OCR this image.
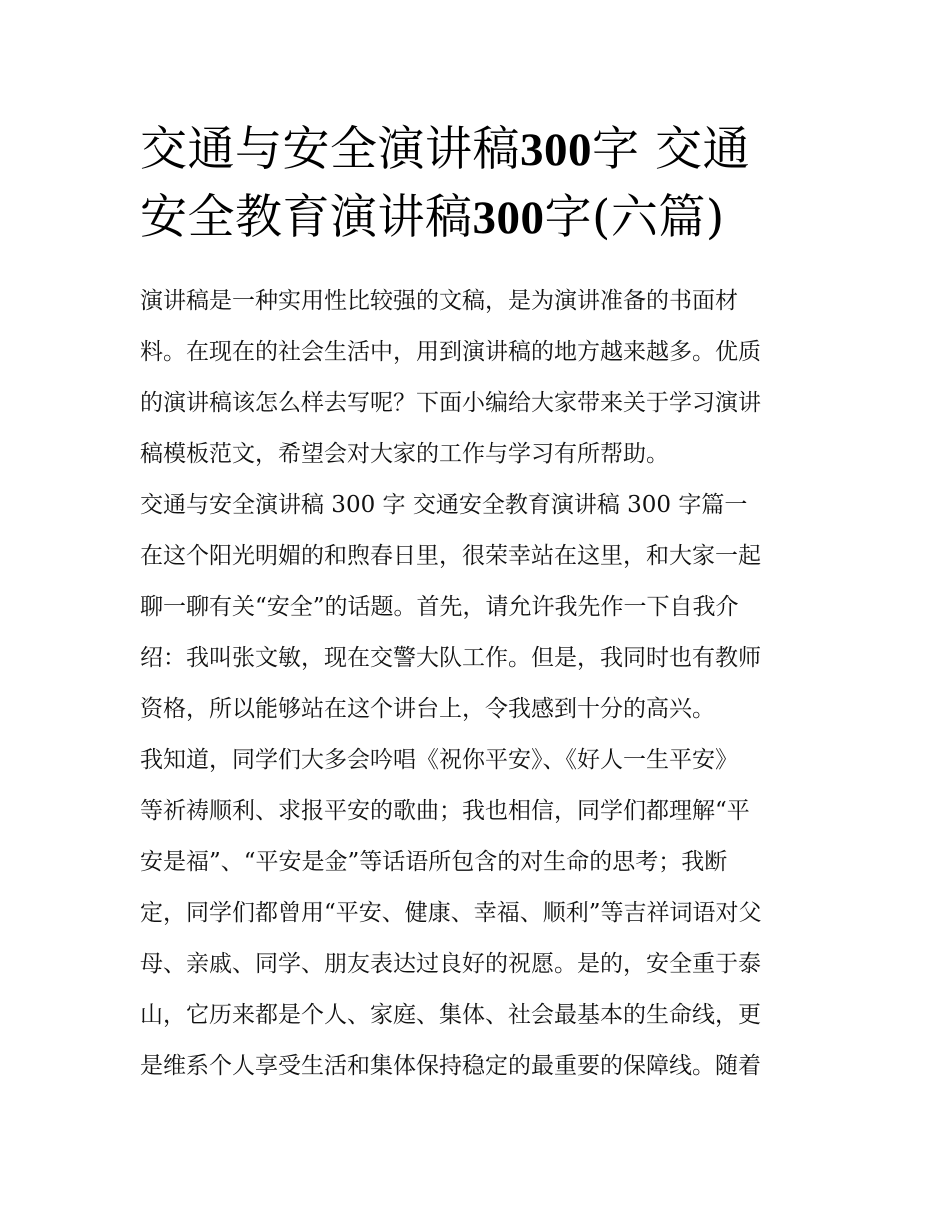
交通与安全演讲稿300字 交通
安全教育演讲稿300字(六篇)
演讲稿是一种实用性比较强的文稿，是为演讲准备的书面材
料。在现在的社会生活中，用到演讲稿的地方越来越多。优质
的演讲稿该怎么样去写呢？下面小编给大家带来关于学习演讲
稿模板范文，希望会对大家的工作与学习有所帮助。
交通与安全演讲稿 300 字 交通安全教育演讲稿 300 字篇一
在这个阳光明媚的和煦春日里，很荣幸站在这里，和大家一起
聊一聊有关“安全”的话题。首先，请允许我先作一下自我介
绍：我叫张文敏，现在交警大队工作。但是，我同时也有教师
资格，所以能够站在这个讲台上，令我感到十分的高兴。
我知道，同学们大多会吟唱《祝你平安》、《好人一生平安》
等祈祷顺利、求报平安的歌曲；我也相信，同学们都理解“平
安是福”、“平安是金”等话语所包含的对生命的思考；我断
定，同学们都曾用“平安、健康、幸福、顺利”等吉祥词语对父
母、亲戚、同学、朋友表达过良好的祝愿。是的，安全重于泰
山，它历来都是个人、家庭、集体、社会最基本的生命线，更
是维系个人享受生活和集体保持稳定的最重要的保障线。随着
